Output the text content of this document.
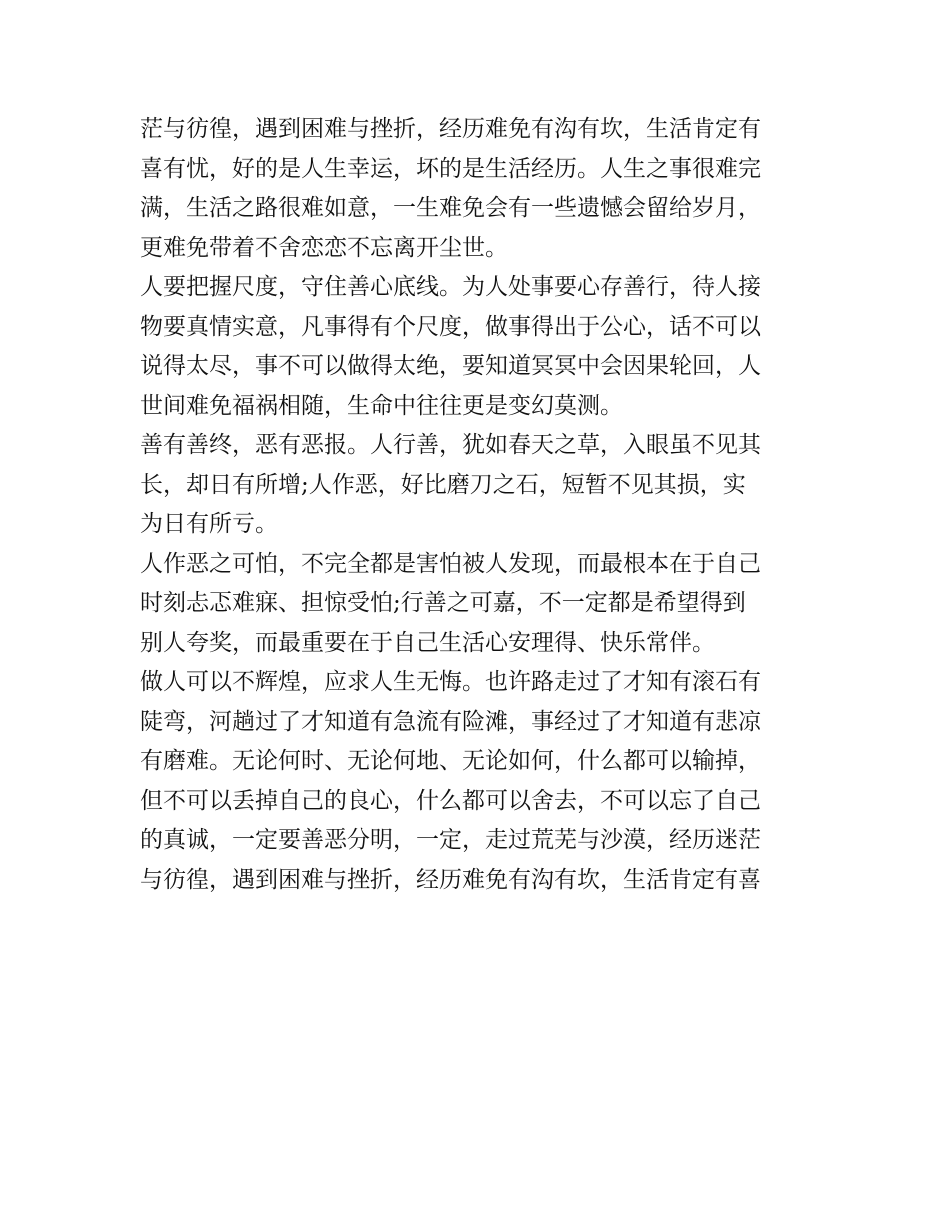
茫与彷徨，遇到困难与挫折，经历难免有沟有坎，生活肯定有
喜有忧，好的是人生幸运，坏的是生活经历。人生之事很难完
满，生活之路很难如意，一生难免会有一些遗憾会留给岁月，
更难免带着不舍恋恋不忘离开尘世。
人要把握尺度，守住善心底线。为人处事要心存善行，待人接
物要真情实意，凡事得有个尺度，做事得出于公心，话不可以
说得太尽，事不可以做得太绝，要知道冥冥中会因果轮回，人
世间难免福祸相随，生命中往往更是变幻莫测。
善有善终，恶有恶报。人行善，犹如春天之草，入眼虽不见其
长，却日有所增;人作恶，好比磨刀之石，短暂不见其损，实
为日有所亏。
人作恶之可怕，不完全都是害怕被人发现，而最根本在于自己
时刻忐忑难寐、担惊受怕;行善之可嘉，不一定都是希望得到
别人夸奖，而最重要在于自己生活心安理得、快乐常伴。
做人可以不辉煌，应求人生无悔。也许路走过了才知有滚石有
陡弯，河趟过了才知道有急流有险滩，事经过了才知道有悲凉
有磨难。无论何时、无论何地、无论如何，什么都可以输掉，
但不可以丢掉自己的良心，什么都可以舍去，不可以忘了自己
的真诚，一定要善恶分明，一定，走过荒芜与沙漠，经历迷茫
与彷徨，遇到困难与挫折，经历难免有沟有坎，生活肯定有喜
